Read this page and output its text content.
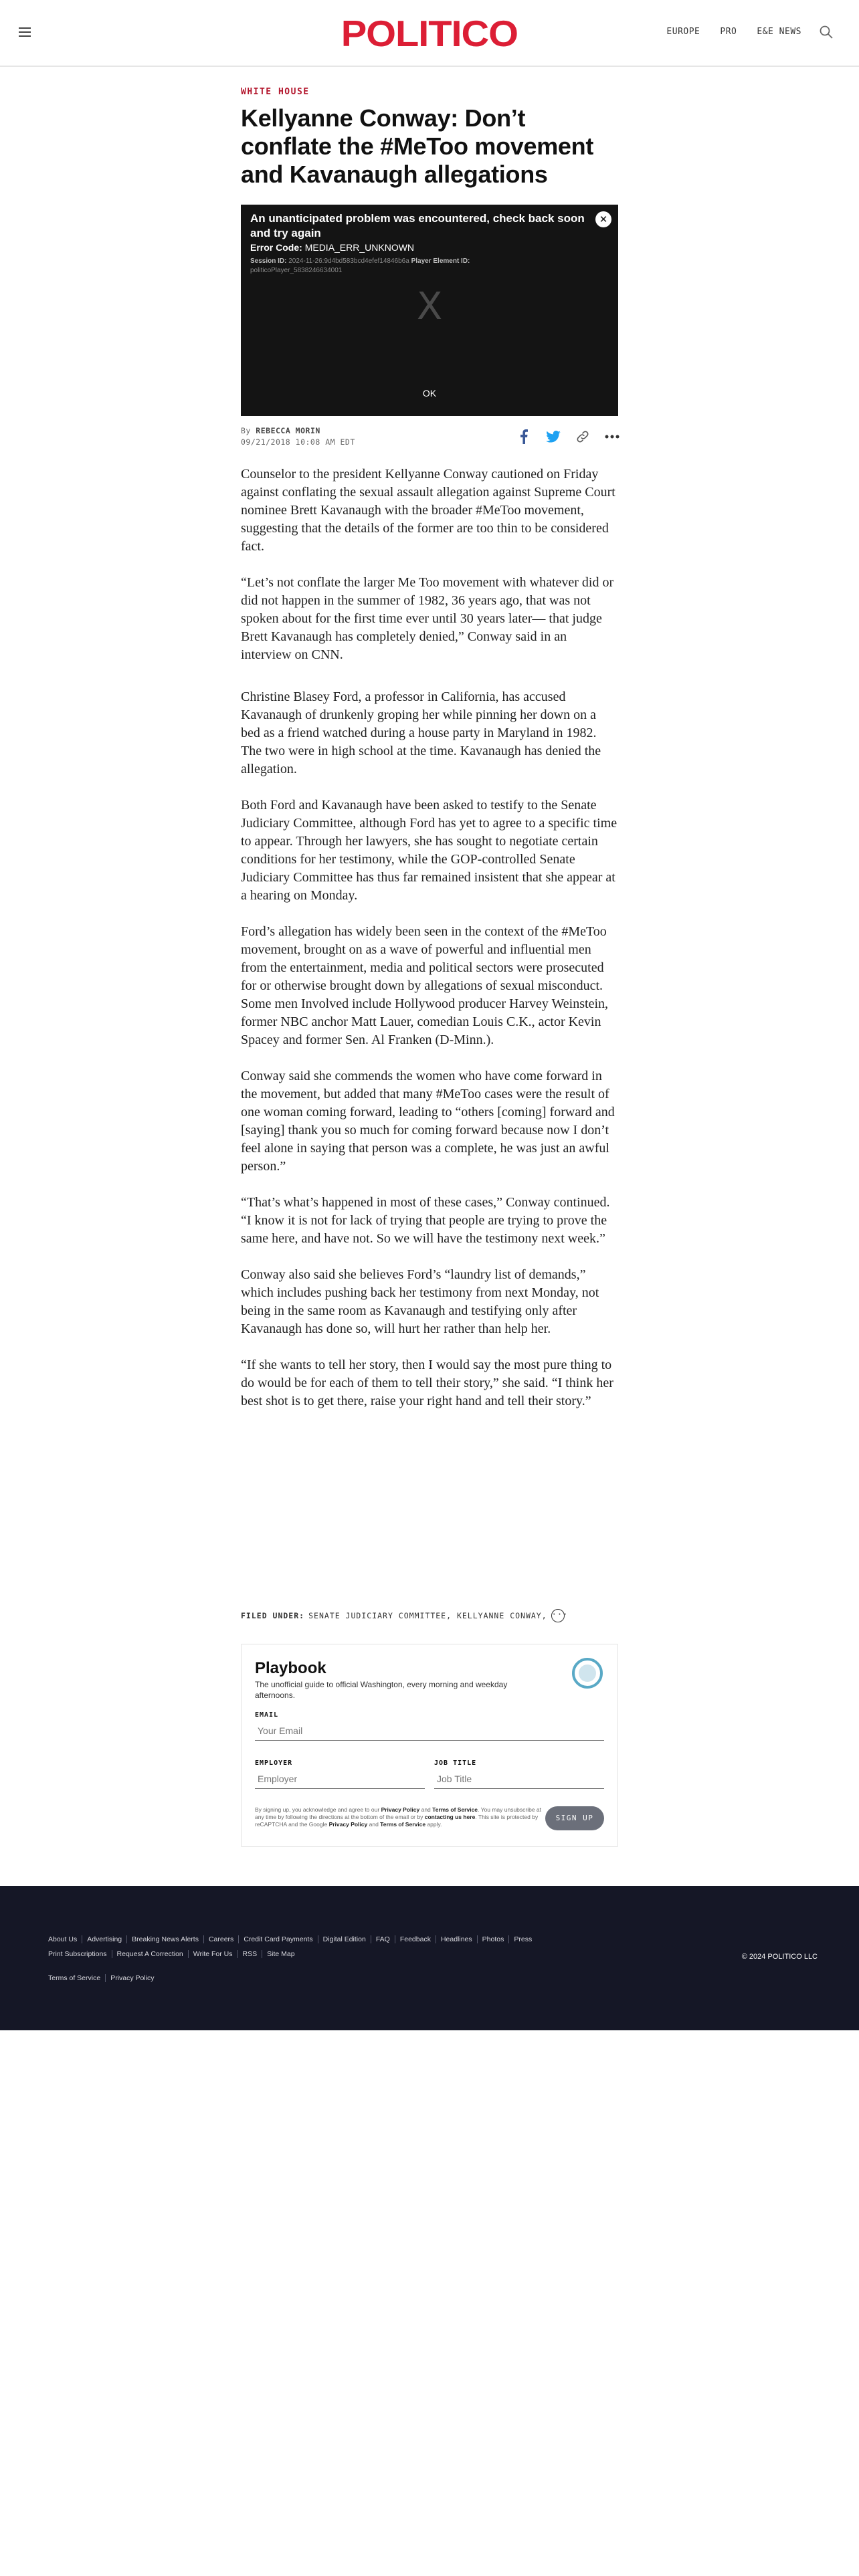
POLITICO	EUROPE PRO E&E NEWS
WHITE HOUSE
Kellyanne Conway: Don’t conflate the #MeToo movement and Kavanaugh allegations
An unanticipated problem was encountered, check back soon and try again
Error Code: MEDIA_ERR_UNKNOWN
Session ID: 2024-11-26:9d4bd583bcd4efef14846b6a Player Element ID: politicoPlayer_5838246634001
✕
X
OK
By REBECCA MORIN
09/21/2018 10:08 AM EDT

Counselor to the president Kellyanne Conway cautioned on Friday against conflating the sexual assault allegation against Supreme Court nominee Brett Kavanaugh with the broader #MeToo movement, suggesting that the details of the former are too thin to be considered fact.

“Let’s not conflate the larger Me Too movement with whatever did or did not happen in the summer of 1982, 36 years ago, that was not spoken about for the first time ever until 30 years later— that judge Brett Kavanaugh has completely denied,” Conway said in an interview on CNN.

Christine Blasey Ford, a professor in California, has accused Kavanaugh of drunkenly groping her while pinning her down on a bed as a friend watched during a house party in Maryland in 1982. The two were in high school at the time. Kavanaugh has denied the allegation.

Both Ford and Kavanaugh have been asked to testify to the Senate Judiciary Committee, although Ford has yet to agree to a specific time to appear. Through her lawyers, she has sought to negotiate certain conditions for her testimony, while the GOP-controlled Senate Judiciary Committee has thus far remained insistent that she appear at a hearing on Monday.

Ford’s allegation has widely been seen in the context of the #MeToo movement, brought on as a wave of powerful and influential men from the entertainment, media and political sectors were prosecuted for or otherwise brought down by allegations of sexual misconduct. Some men Involved include Hollywood producer Harvey Weinstein, former NBC anchor Matt Lauer, comedian Louis C.K., actor Kevin Spacey and former Sen. Al Franken (D-Minn.).

Conway said she commends the women who have come forward in the movement, but added that many #MeToo cases were the result of one woman coming forward, leading to “others [coming] forward and [saying] thank you so much for coming forward because now I don’t feel alone in saying that person was a complete, he was just an awful person.”

“That’s what’s happened in most of these cases,” Conway continued. “I know it is not for lack of trying that people are trying to prove the same here, and have not. So we will have the testimony next week.”

Conway also said she believes Ford’s “laundry list of demands,” which includes pushing back her testimony from next Monday, not being in the same room as Kavanaugh and testifying only after Kavanaugh has done so, will hurt her rather than help her.

“If she wants to tell her story, then I would say the most pure thing to do would be for each of them to tell their story,” she said. “I think her best shot is to get there, raise your right hand and tell their story.”

FILED UNDER: SENATE JUDICIARY COMMITTEE, KELLYANNE CONWAY, ···
Playbook
The unofficial guide to official Washington, every morning and weekday afternoons.
EMAIL
Your Email
EMPLOYER
Employer	JOB TITLE
Job Title
By signing up, you acknowledge and agree to our Privacy Policy and Terms of Service. You may unsubscribe at any time by following the directions at the bottom of the email or by contacting us here. This site is protected by reCAPTCHA and the Google Privacy Policy and Terms of Service apply.
SIGN UP
About Us	Advertising	Breaking News Alerts	Careers	Credit Card Payments	Digital Edition	FAQ	Feedback	Headlines	Photos	Press
Print Subscriptions	Request A Correction	Write For Us	RSS	Site Map
Terms of Service	Privacy Policy
© 2024 POLITICO LLC
